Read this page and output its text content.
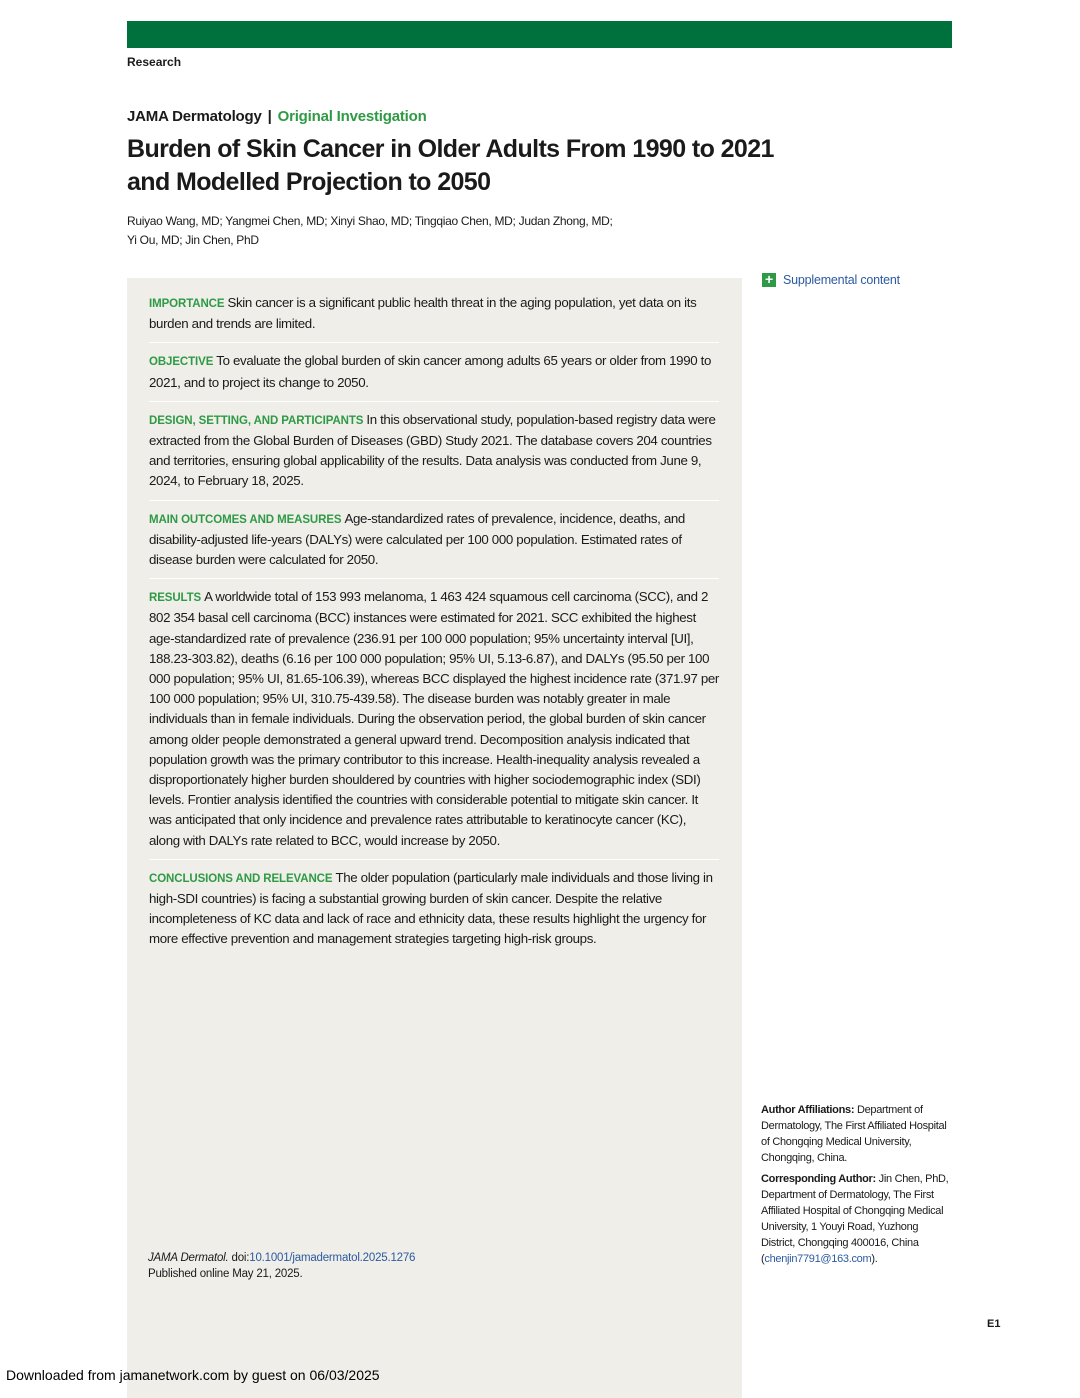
Research
JAMA Dermatology | Original Investigation
Burden of Skin Cancer in Older Adults From 1990 to 2021 and Modelled Projection to 2050
Ruiyao Wang, MD; Yangmei Chen, MD; Xinyi Shao, MD; Tingqiao Chen, MD; Judan Zhong, MD;
Yi Ou, MD; Jin Chen, PhD

IMPORTANCE Skin cancer is a significant public health threat in the aging population, yet data on its burden and trends are limited.

OBJECTIVE To evaluate the global burden of skin cancer among adults 65 years or older from 1990 to 2021, and to project its change to 2050.

DESIGN, SETTING, AND PARTICIPANTS In this observational study, population-based registry data were extracted from the Global Burden of Diseases (GBD) Study 2021. The database covers 204 countries and territories, ensuring global applicability of the results. Data analysis was conducted from June 9, 2024, to February 18, 2025.

MAIN OUTCOMES AND MEASURES Age-standardized rates of prevalence, incidence, deaths, and disability-adjusted life-years (DALYs) were calculated per 100 000 population. Estimated rates of disease burden were calculated for 2050.

RESULTS A worldwide total of 153 993 melanoma, 1 463 424 squamous cell carcinoma (SCC), and 2 802 354 basal cell carcinoma (BCC) instances were estimated for 2021. SCC exhibited the highest age-standardized rate of prevalence (236.91 per 100 000 population; 95% uncertainty interval [UI], 188.23-303.82), deaths (6.16 per 100 000 population; 95% UI, 5.13-6.87), and DALYs (95.50 per 100 000 population; 95% UI, 81.65-106.39), whereas BCC displayed the highest incidence rate (371.97 per 100 000 population; 95% UI, 310.75-439.58). The disease burden was notably greater in male individuals than in female individuals. During the observation period, the global burden of skin cancer among older people demonstrated a general upward trend. Decomposition analysis indicated that population growth was the primary contributor to this increase. Health-inequality analysis revealed a disproportionately higher burden shouldered by countries with higher sociodemographic index (SDI) levels. Frontier analysis identified the countries with considerable potential to mitigate skin cancer. It was anticipated that only incidence and prevalence rates attributable to keratinocyte cancer (KC), along with DALYs rate related to BCC, would increase by 2050.

CONCLUSIONS AND RELEVANCE The older population (particularly male individuals and those living in high-SDI countries) is facing a substantial growing burden of skin cancer. Despite the relative incompleteness of KC data and lack of race and ethnicity data, these results highlight the urgency for more effective prevention and management strategies targeting high-risk groups.

JAMA Dermatol. doi:10.1001/jamadermatol.2025.1276
Published online May 21, 2025.
+ Supplemental content

Author Affiliations: Department of Dermatology, The First Affiliated Hospital of Chongqing Medical University, Chongqing, China.

Corresponding Author: Jin Chen, PhD, Department of Dermatology, The First Affiliated Hospital of Chongqing Medical University, 1 Youyi Road, Yuzhong District, Chongqing 400016, China (chenjin7791@163.com).

E1
Downloaded from jamanetwork.com by guest on 06/03/2025
